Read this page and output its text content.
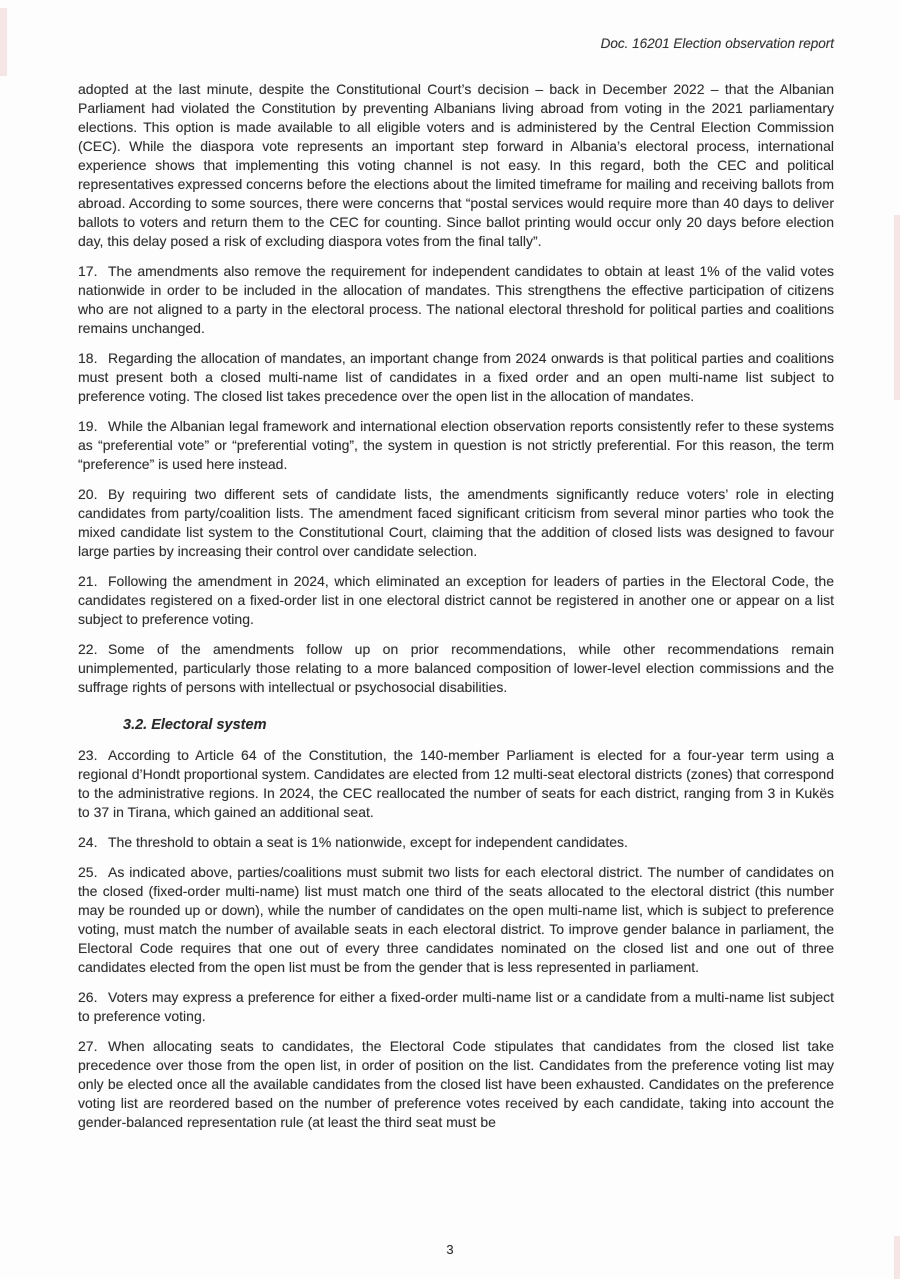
Doc. 16201 Election observation report

adopted at the last minute, despite the Constitutional Court’s decision – back in December 2022 – that the Albanian Parliament had violated the Constitution by preventing Albanians living abroad from voting in the 2021 parliamentary elections. This option is made available to all eligible voters and is administered by the Central Election Commission (CEC). While the diaspora vote represents an important step forward in Albania’s electoral process, international experience shows that implementing this voting channel is not easy. In this regard, both the CEC and political representatives expressed concerns before the elections about the limited timeframe for mailing and receiving ballots from abroad. According to some sources, there were concerns that “postal services would require more than 40 days to deliver ballots to voters and return them to the CEC for counting. Since ballot printing would occur only 20 days before election day, this delay posed a risk of excluding diaspora votes from the final tally”.

17. The amendments also remove the requirement for independent candidates to obtain at least 1% of the valid votes nationwide in order to be included in the allocation of mandates. This strengthens the effective participation of citizens who are not aligned to a party in the electoral process. The national electoral threshold for political parties and coalitions remains unchanged.

18. Regarding the allocation of mandates, an important change from 2024 onwards is that political parties and coalitions must present both a closed multi-name list of candidates in a fixed order and an open multi-name list subject to preference voting. The closed list takes precedence over the open list in the allocation of mandates.

19. While the Albanian legal framework and international election observation reports consistently refer to these systems as “preferential vote” or “preferential voting”, the system in question is not strictly preferential. For this reason, the term “preference” is used here instead.

20. By requiring two different sets of candidate lists, the amendments significantly reduce voters’ role in electing candidates from party/coalition lists. The amendment faced significant criticism from several minor parties who took the mixed candidate list system to the Constitutional Court, claiming that the addition of closed lists was designed to favour large parties by increasing their control over candidate selection.

21. Following the amendment in 2024, which eliminated an exception for leaders of parties in the Electoral Code, the candidates registered on a fixed-order list in one electoral district cannot be registered in another one or appear on a list subject to preference voting.

22. Some of the amendments follow up on prior recommendations, while other recommendations remain unimplemented, particularly those relating to a more balanced composition of lower-level election commissions and the suffrage rights of persons with intellectual or psychosocial disabilities.

3.2. Electoral system

23. According to Article 64 of the Constitution, the 140-member Parliament is elected for a four-year term using a regional d’Hondt proportional system. Candidates are elected from 12 multi-seat electoral districts (zones) that correspond to the administrative regions. In 2024, the CEC reallocated the number of seats for each district, ranging from 3 in Kukës to 37 in Tirana, which gained an additional seat.

24. The threshold to obtain a seat is 1% nationwide, except for independent candidates.

25. As indicated above, parties/coalitions must submit two lists for each electoral district. The number of candidates on the closed (fixed-order multi-name) list must match one third of the seats allocated to the electoral district (this number may be rounded up or down), while the number of candidates on the open multi-name list, which is subject to preference voting, must match the number of available seats in each electoral district. To improve gender balance in parliament, the Electoral Code requires that one out of every three candidates nominated on the closed list and one out of three candidates elected from the open list must be from the gender that is less represented in parliament.

26. Voters may express a preference for either a fixed-order multi-name list or a candidate from a multi-name list subject to preference voting.

27. When allocating seats to candidates, the Electoral Code stipulates that candidates from the closed list take precedence over those from the open list, in order of position on the list. Candidates from the preference voting list may only be elected once all the available candidates from the closed list have been exhausted. Candidates on the preference voting list are reordered based on the number of preference votes received by each candidate, taking into account the gender-balanced representation rule (at least the third seat must be

3
